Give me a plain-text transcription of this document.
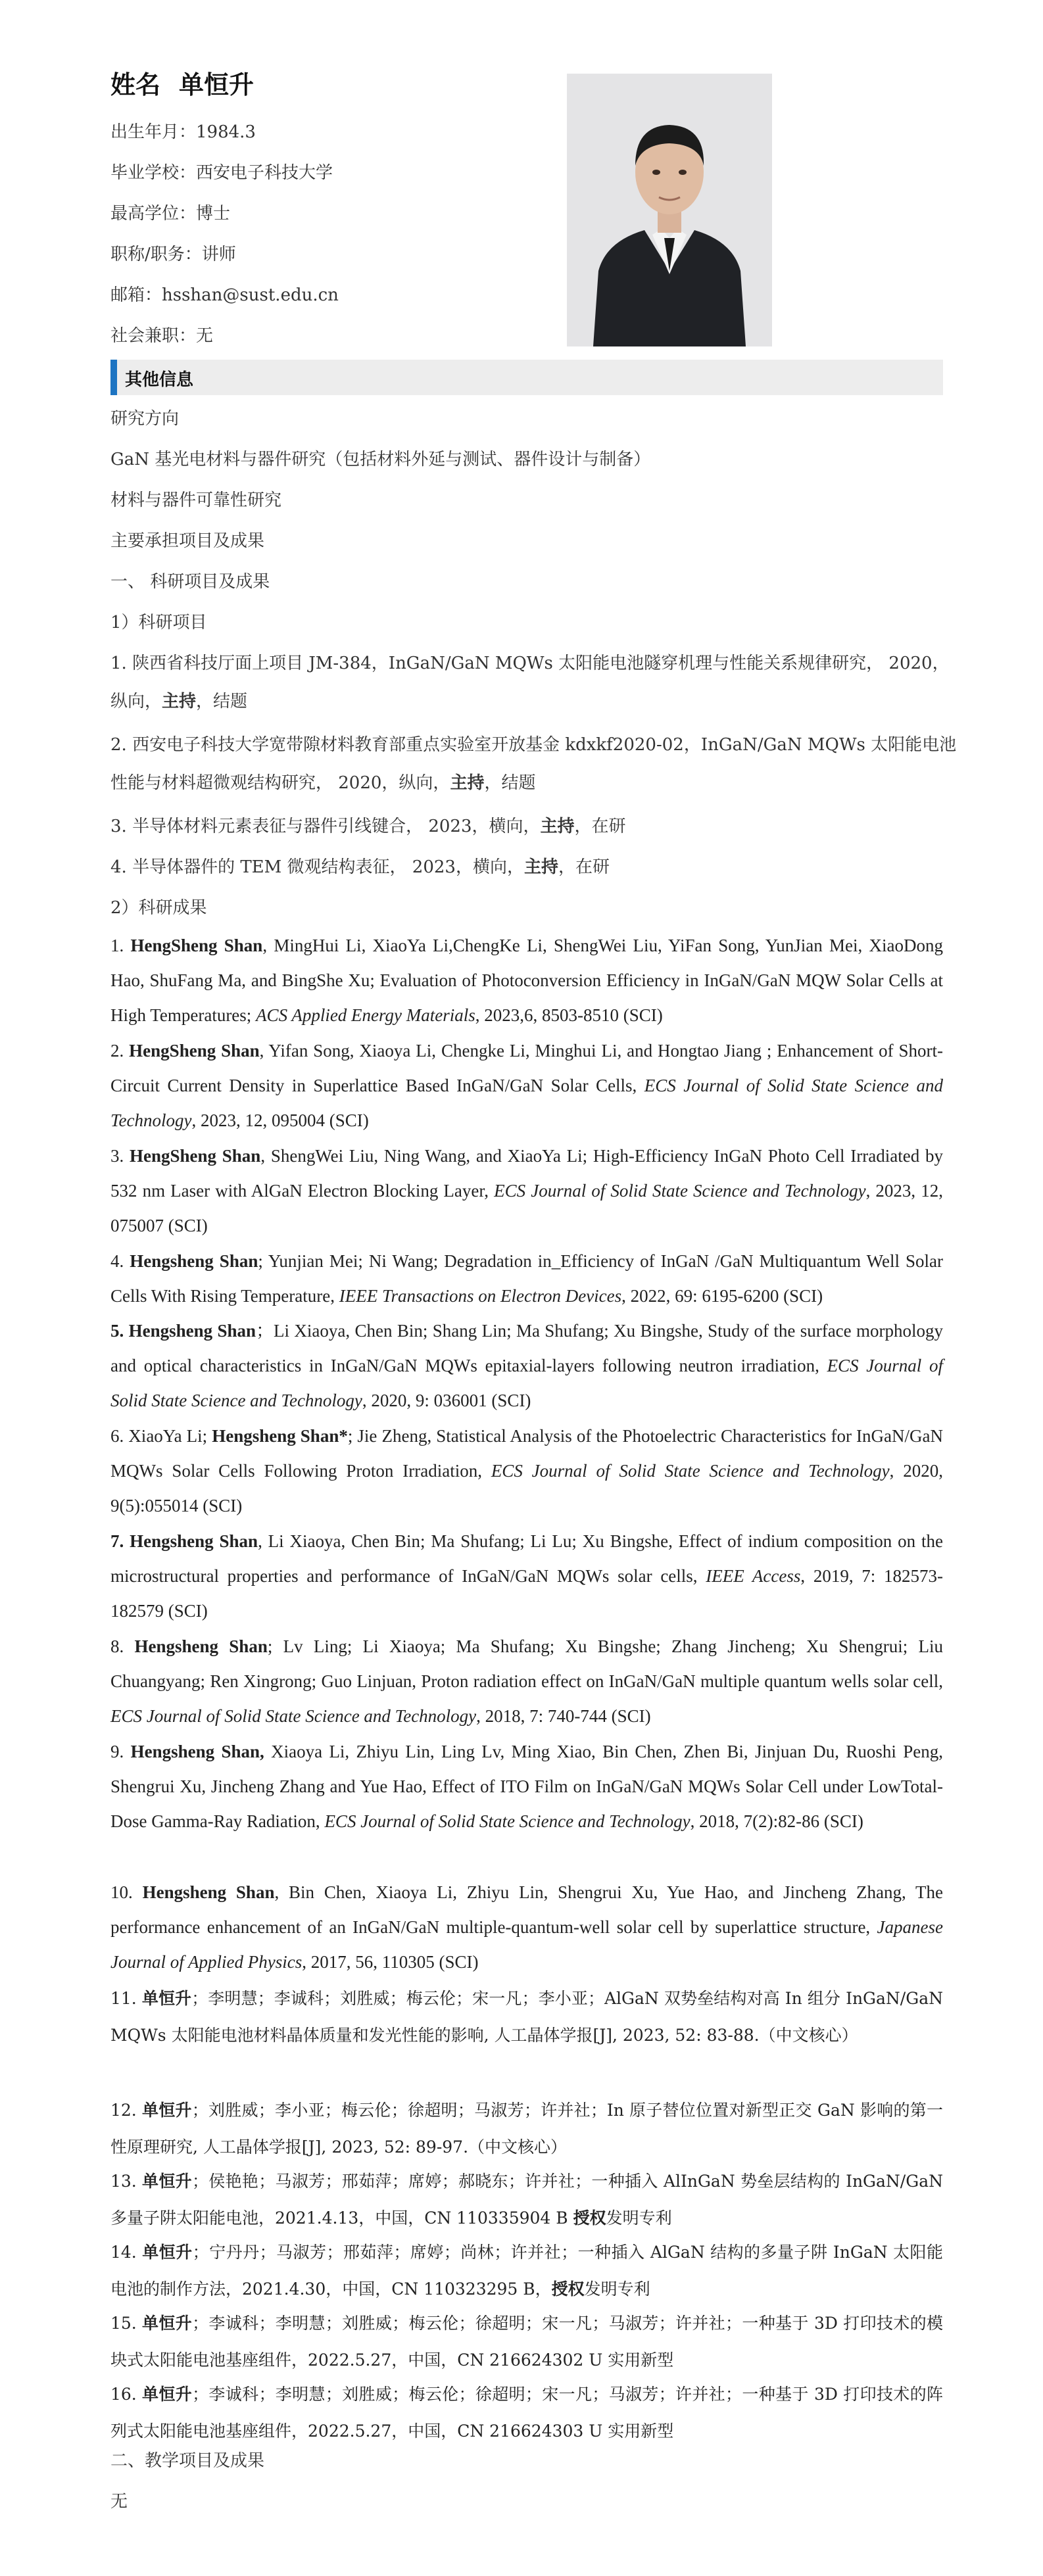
姓名 单恒升
出生年月：1984.3
毕业学校：西安电子科技大学
最高学位：博士
职称/职务：讲师
邮箱：hsshan@sust.edu.cn
社会兼职：无
其他信息
研究方向
GaN 基光电材料与器件研究（包括材料外延与测试、器件设计与制备）
材料与器件可靠性研究
主要承担项目及成果
一、 科研项目及成果
1）科研项目
1. 陕西省科技厅面上项目 JM-384，InGaN/GaN MQWs 太阳能电池隧穿机理与性能关系规律研究， 2020，
纵向，主持，结题
2. 西安电子科技大学宽带隙材料教育部重点实验室开放基金 kdxkf2020-02，InGaN/GaN MQWs 太阳能电池
性能与材料超微观结构研究， 2020，纵向，主持，结题
3. 半导体材料元素表征与器件引线键合， 2023，横向，主持，在研
4. 半导体器件的 TEM 微观结构表征， 2023，横向，主持，在研
2）科研成果
1. HengSheng Shan, MingHui Li, XiaoYa Li,ChengKe Li, ShengWei Liu, YiFan Song, YunJian Mei, XiaoDong Hao, ShuFang Ma, and BingShe Xu; Evaluation of Photoconversion Efficiency in InGaN/GaN MQW Solar Cells at High Temperatures; ACS Applied Energy Materials, 2023,6, 8503-8510 (SCI)
2. HengSheng Shan, Yifan Song, Xiaoya Li, Chengke Li, Minghui Li, and Hongtao Jiang ; Enhancement of Short-Circuit Current Density in Superlattice Based InGaN/GaN Solar Cells, ECS Journal of Solid State Science and Technology, 2023, 12, 095004 (SCI)
3. HengSheng Shan, ShengWei Liu, Ning Wang, and XiaoYa Li; High-Efficiency InGaN Photo Cell Irradiated by 532 nm Laser with AlGaN Electron Blocking Layer, ECS Journal of Solid State Science and Technology, 2023, 12, 075007 (SCI)
4. Hengsheng Shan; Yunjian Mei; Ni Wang; Degradation in_Efficiency of InGaN /GaN Multiquantum Well Solar Cells With Rising Temperature, IEEE Transactions on Electron Devices, 2022, 69: 6195-6200 (SCI)
5. Hengsheng Shan；Li Xiaoya, Chen Bin; Shang Lin; Ma Shufang; Xu Bingshe, Study of the surface morphology and optical characteristics in InGaN/GaN MQWs epitaxial-layers following neutron irradiation, ECS Journal of Solid State Science and Technology, 2020, 9: 036001 (SCI)
6. XiaoYa Li; Hengsheng Shan*; Jie Zheng, Statistical Analysis of the Photoelectric Characteristics for InGaN/GaN MQWs Solar Cells Following Proton Irradiation, ECS Journal of Solid State Science and Technology, 2020, 9(5):055014 (SCI)
7. Hengsheng Shan, Li Xiaoya, Chen Bin; Ma Shufang; Li Lu; Xu Bingshe, Effect of indium composition on the microstructural properties and performance of InGaN/GaN MQWs solar cells, IEEE Access, 2019, 7: 182573-182579 (SCI)
8. Hengsheng Shan; Lv Ling; Li Xiaoya; Ma Shufang; Xu Bingshe; Zhang Jincheng; Xu Shengrui; Liu Chuangyang; Ren Xingrong; Guo Linjuan, Proton radiation effect on InGaN/GaN multiple quantum wells solar cell, ECS Journal of Solid State Science and Technology, 2018, 7: 740-744 (SCI)
9. Hengsheng Shan, Xiaoya Li, Zhiyu Lin, Ling Lv, Ming Xiao, Bin Chen, Zhen Bi, Jinjuan Du, Ruoshi Peng, Shengrui Xu, Jincheng Zhang and Yue Hao, Effect of ITO Film on InGaN/GaN MQWs Solar Cell under LowTotal-Dose Gamma-Ray Radiation, ECS Journal of Solid State Science and Technology, 2018, 7(2):82-86 (SCI)
10. Hengsheng Shan, Bin Chen, Xiaoya Li, Zhiyu Lin, Shengrui Xu, Yue Hao, and Jincheng Zhang, The performance enhancement of an InGaN/GaN multiple-quantum-well solar cell by superlattice structure, Japanese Journal of Applied Physics, 2017, 56, 110305 (SCI)
11. 单恒升；李明慧；李诚科；刘胜威；梅云伦；宋一凡；李小亚；AlGaN 双势垒结构对高 In 组分 InGaN/GaN MQWs 太阳能电池材料晶体质量和发光性能的影响, 人工晶体学报[J], 2023, 52: 83-88.（中文核心）
12. 单恒升；刘胜威；李小亚；梅云伦；徐超明；马淑芳；许并社；In 原子替位位置对新型正交 GaN 影响的第一性原理研究, 人工晶体学报[J], 2023, 52: 89-97.（中文核心）
13. 单恒升；侯艳艳；马淑芳；邢茹萍；席婷；郝晓东；许并社；一种插入 AlInGaN 势垒层结构的 InGaN/GaN 多量子阱太阳能电池，2021.4.13，中国，CN 110335904 B 授权发明专利
14. 单恒升；宁丹丹；马淑芳；邢茹萍；席婷；尚林；许并社；一种插入 AlGaN 结构的多量子阱 InGaN 太阳能电池的制作方法，2021.4.30，中国，CN 110323295 B，授权发明专利
15. 单恒升；李诚科；李明慧；刘胜威；梅云伦；徐超明；宋一凡；马淑芳；许并社；一种基于 3D 打印技术的模块式太阳能电池基座组件，2022.5.27，中国，CN 216624302 U 实用新型
16. 单恒升；李诚科；李明慧；刘胜威；梅云伦；徐超明；宋一凡；马淑芳；许并社；一种基于 3D 打印技术的阵列式太阳能电池基座组件，2022.5.27，中国，CN 216624303 U 实用新型
二、教学项目及成果
无
